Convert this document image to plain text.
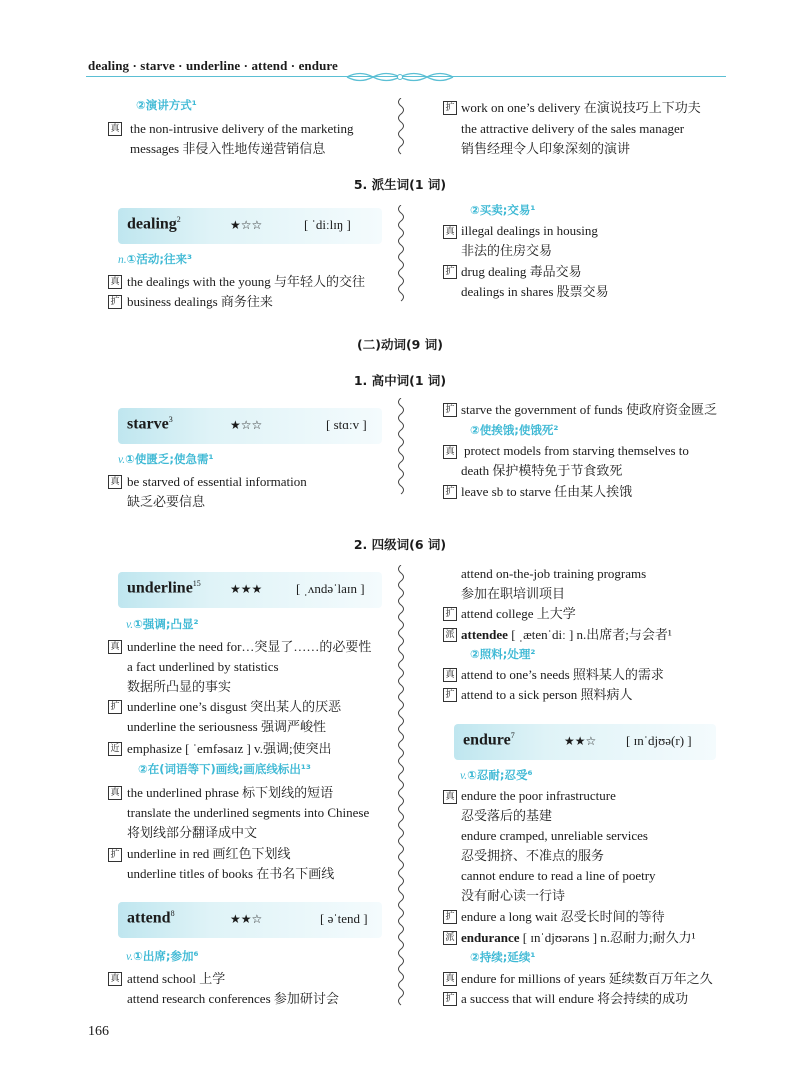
dealing · starve · underline · attend · endure
②演讲方式¹
真 the non-intrusive delivery of the marketing
messages 非侵入性地传递营销信息
扩 work on one’s delivery 在演说技巧上下功夫
the attractive delivery of the sales manager
销售经理令人印象深刻的演讲
5. 派生词(1 词)
dealing$^2$	★☆☆	[ ˈdiːlɪŋ ]
n.①活动;往来³
真 the dealings with the young 与年轻人的交往
扩 business dealings 商务往来
②买卖;交易¹
真 illegal dealings in housing
非法的住房交易
扩 drug dealing 毒品交易
dealings in shares 股票交易
(二)动词(9 词)
1. 高中词(1 词)
starve$^3$	★☆☆	[ stɑːv ]
v.①使匮乏;使急需¹
真 be starved of essential information
缺乏必要信息
扩 starve the government of funds 使政府资金匮乏
②使挨饿;使饿死²
真 protect models from starving themselves to
death 保护模特免于节食致死
扩 leave sb to starve 任由某人挨饿
2. 四级词(6 词)
underline$^{15}$ ★★★	[ ˌʌndəˈlaɪn ]
v.①强调;凸显²
真 underline the need for…突显了……的必要性
a fact underlined by statistics
数据所凸显的事实
扩 underline one’s disgust 突出某人的厌恶
underline the seriousness 强调严峻性
近 emphasize [ ˈemfəsaɪz ] v.强调;使突出
②在(词语等下)画线;画底线标出¹³
真 the underlined phrase 标下划线的短语
translate the underlined segments into Chinese
将划线部分翻译成中文
扩 underline in red 画红色下划线
underline titles of books 在书名下画线
attend$^8$	★★☆	[ əˈtend ]
v.①出席;参加⁶
真 attend school 上学
attend research conferences 参加研讨会
attend on-the-job training programs
参加在职培训项目
扩 attend college 上大学
派 attendee [ ˌætenˈdiː ] n.出席者;与会者¹
②照料;处理²
真 attend to one’s needs 照料某人的需求
扩 attend to a sick person 照料病人
endure$^7$	★★☆ [ ɪnˈdjʊə(r) ]
v.①忍耐;忍受⁶
真 endure the poor infrastructure
忍受落后的基建
endure cramped, unreliable services
忍受拥挤、不准点的服务
cannot endure to read a line of poetry
没有耐心读一行诗
扩 endure a long wait 忍受长时间的等待
派 endurance [ ɪnˈdjʊərəns ] n.忍耐力;耐久力¹
②持续;延续¹
真 endure for millions of years 延续数百万年之久
扩 a success that will endure 将会持续的成功
166
